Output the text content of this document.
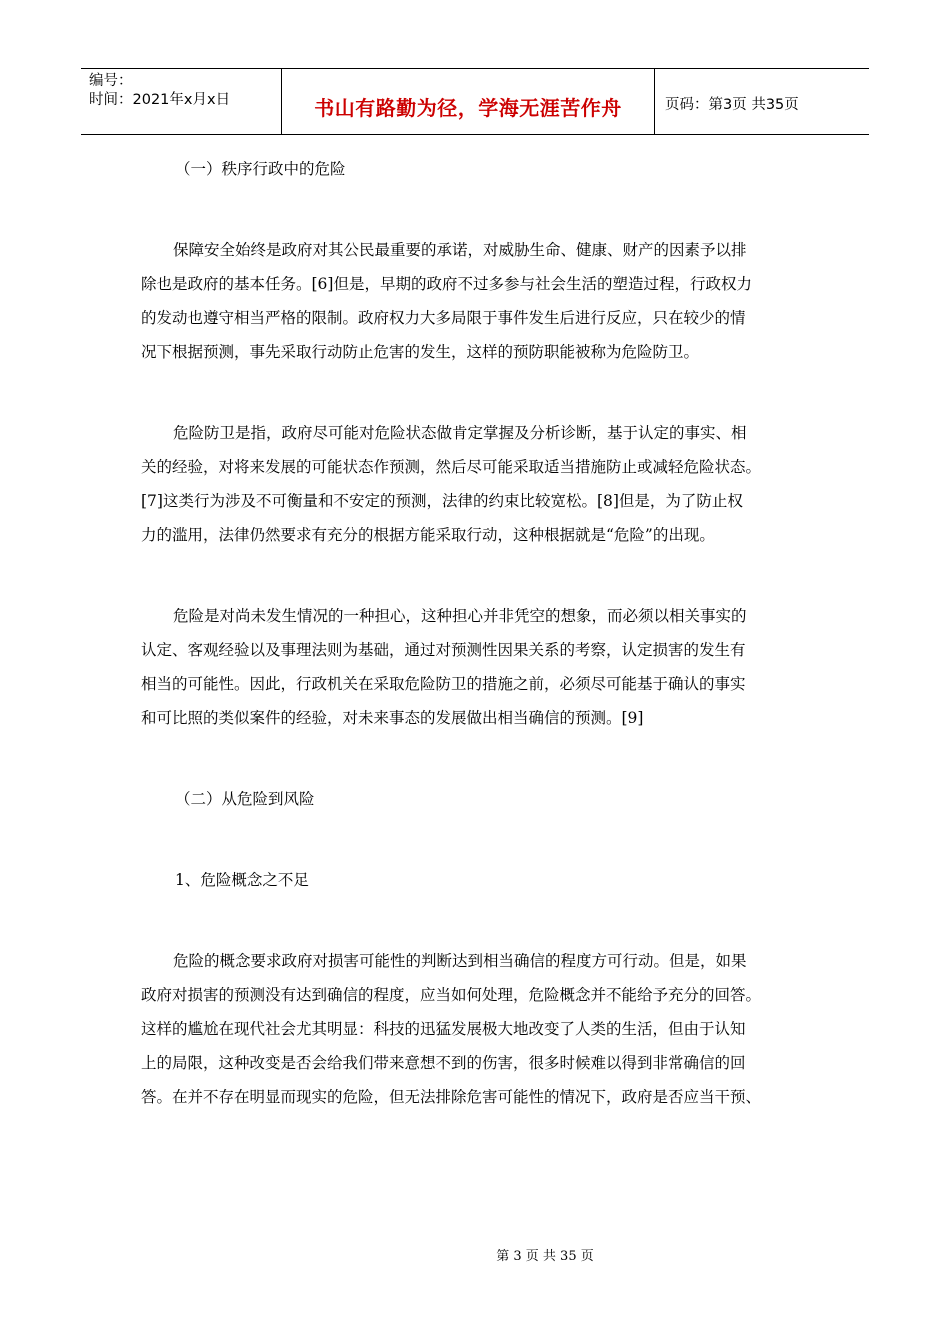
编号：
时间：2021年x月x日	书山有路勤为径，学海无涯苦作舟	页码：第3页 共35页
（一）秩序行政中的危险
保障安全始终是政府对其公民最重要的承诺，对威胁生命、健康、财产的因素予以排
除也是政府的基本任务。[6]但是，早期的政府不过多参与社会生活的塑造过程，行政权力
的发动也遵守相当严格的限制。政府权力大多局限于事件发生后进行反应，只在较少的情
况下根据预测，事先采取行动防止危害的发生，这样的预防职能被称为危险防卫。
危险防卫是指，政府尽可能对危险状态做肯定掌握及分析诊断，基于认定的事实、相
关的经验，对将来发展的可能状态作预测，然后尽可能采取适当措施防止或减轻危险状态。
[7]这类行为涉及不可衡量和不安定的预测，法律的约束比较宽松。[8]但是，为了防止权
力的滥用，法律仍然要求有充分的根据方能采取行动，这种根据就是“危险”的出现。
危险是对尚未发生情况的一种担心，这种担心并非凭空的想象，而必须以相关事实的
认定、客观经验以及事理法则为基础，通过对预测性因果关系的考察，认定损害的发生有
相当的可能性。因此，行政机关在采取危险防卫的措施之前，必须尽可能基于确认的事实
和可比照的类似案件的经验，对未来事态的发展做出相当确信的预测。[9]
（二）从危险到风险
1、危险概念之不足
危险的概念要求政府对损害可能性的判断达到相当确信的程度方可行动。但是，如果
政府对损害的预测没有达到确信的程度，应当如何处理，危险概念并不能给予充分的回答。
这样的尴尬在现代社会尤其明显：科技的迅猛发展极大地改变了人类的生活，但由于认知
上的局限，这种改变是否会给我们带来意想不到的伤害，很多时候难以得到非常确信的回
答。在并不存在明显而现实的危险，但无法排除危害可能性的情况下，政府是否应当干预、
第 3 页 共 35 页
